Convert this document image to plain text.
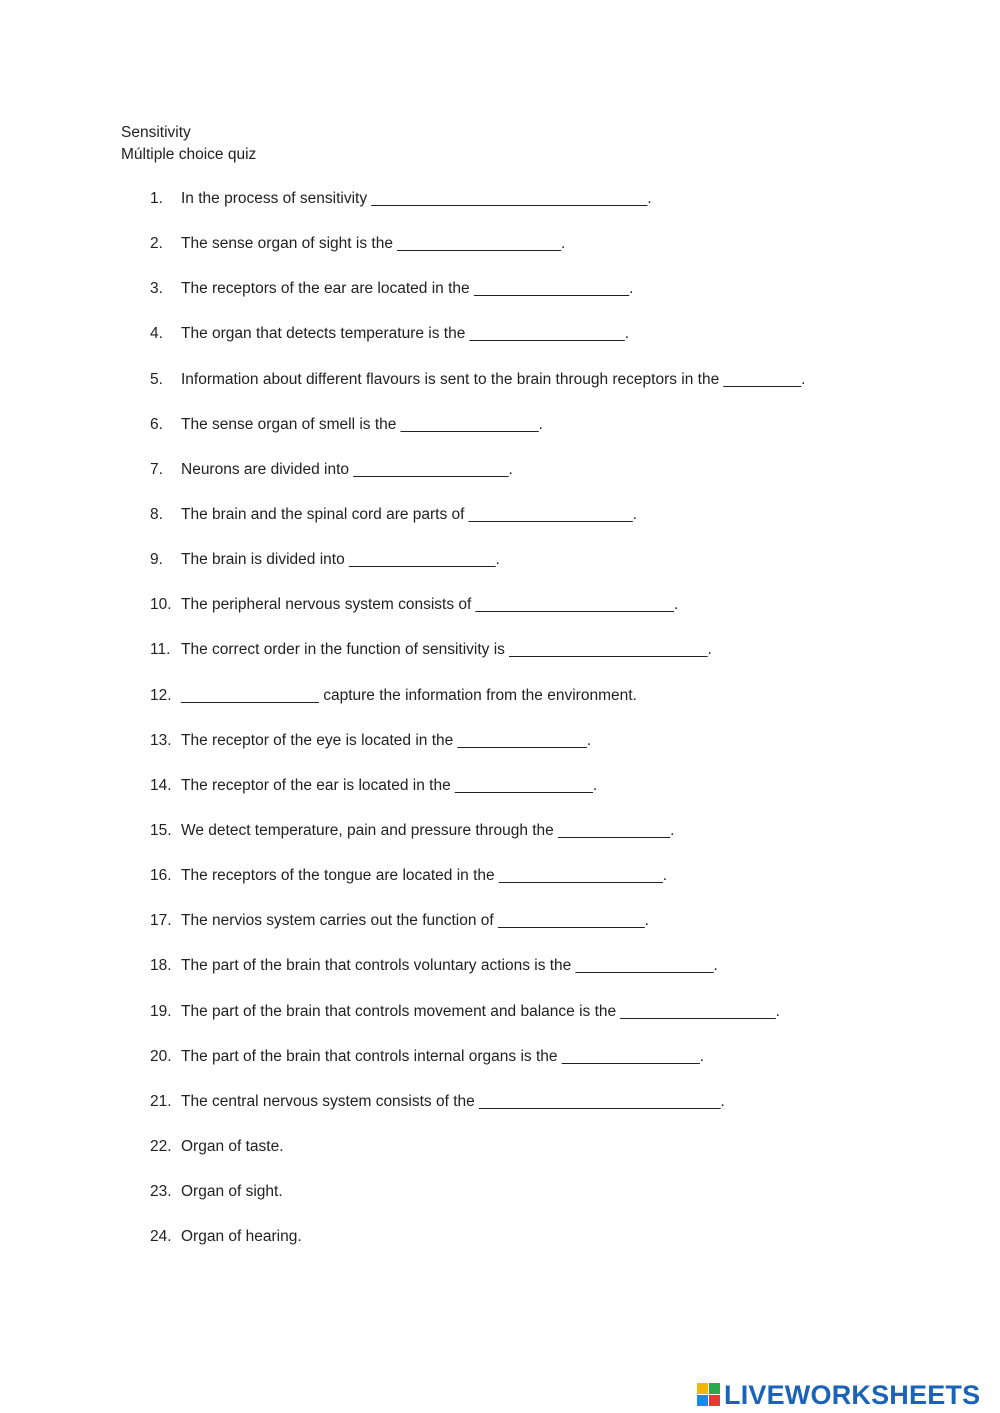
Sensitivity
Múltiple choice quiz
1. In the process of sensitivity ________________________________.
2. The sense organ of sight is the ___________________.
3. The receptors of the ear are located in the __________________.
4. The organ that detects temperature is the __________________.
5. Information about different flavours is sent to the brain through receptors in the _________.
6. The sense organ of smell is the ________________.
7. Neurons are divided into __________________.
8. The brain and the spinal cord are parts of ___________________.
9. The brain is divided into _________________.
10. The peripheral nervous system consists of _______________________.
11. The correct order in the function of sensitivity is _______________________.
12. ________________ capture the information from the environment.
13. The receptor of the eye is located in the _______________.
14. The receptor of the ear is located in the ________________.
15. We detect temperature, pain and pressure through the _____________.
16. The receptors of the tongue are located in the ___________________.
17. The nervios system carries out the function of _________________.
18. The part of the brain that controls voluntary actions is the ________________.
19. The part of the brain that controls movement and balance is the __________________.
20. The part of the brain that controls internal organs is the ________________.
21. The central nervous system consists of the ____________________________.
22. Organ of taste.
23. Organ of sight.
24. Organ of hearing.
LIVEWORKSHEETS
